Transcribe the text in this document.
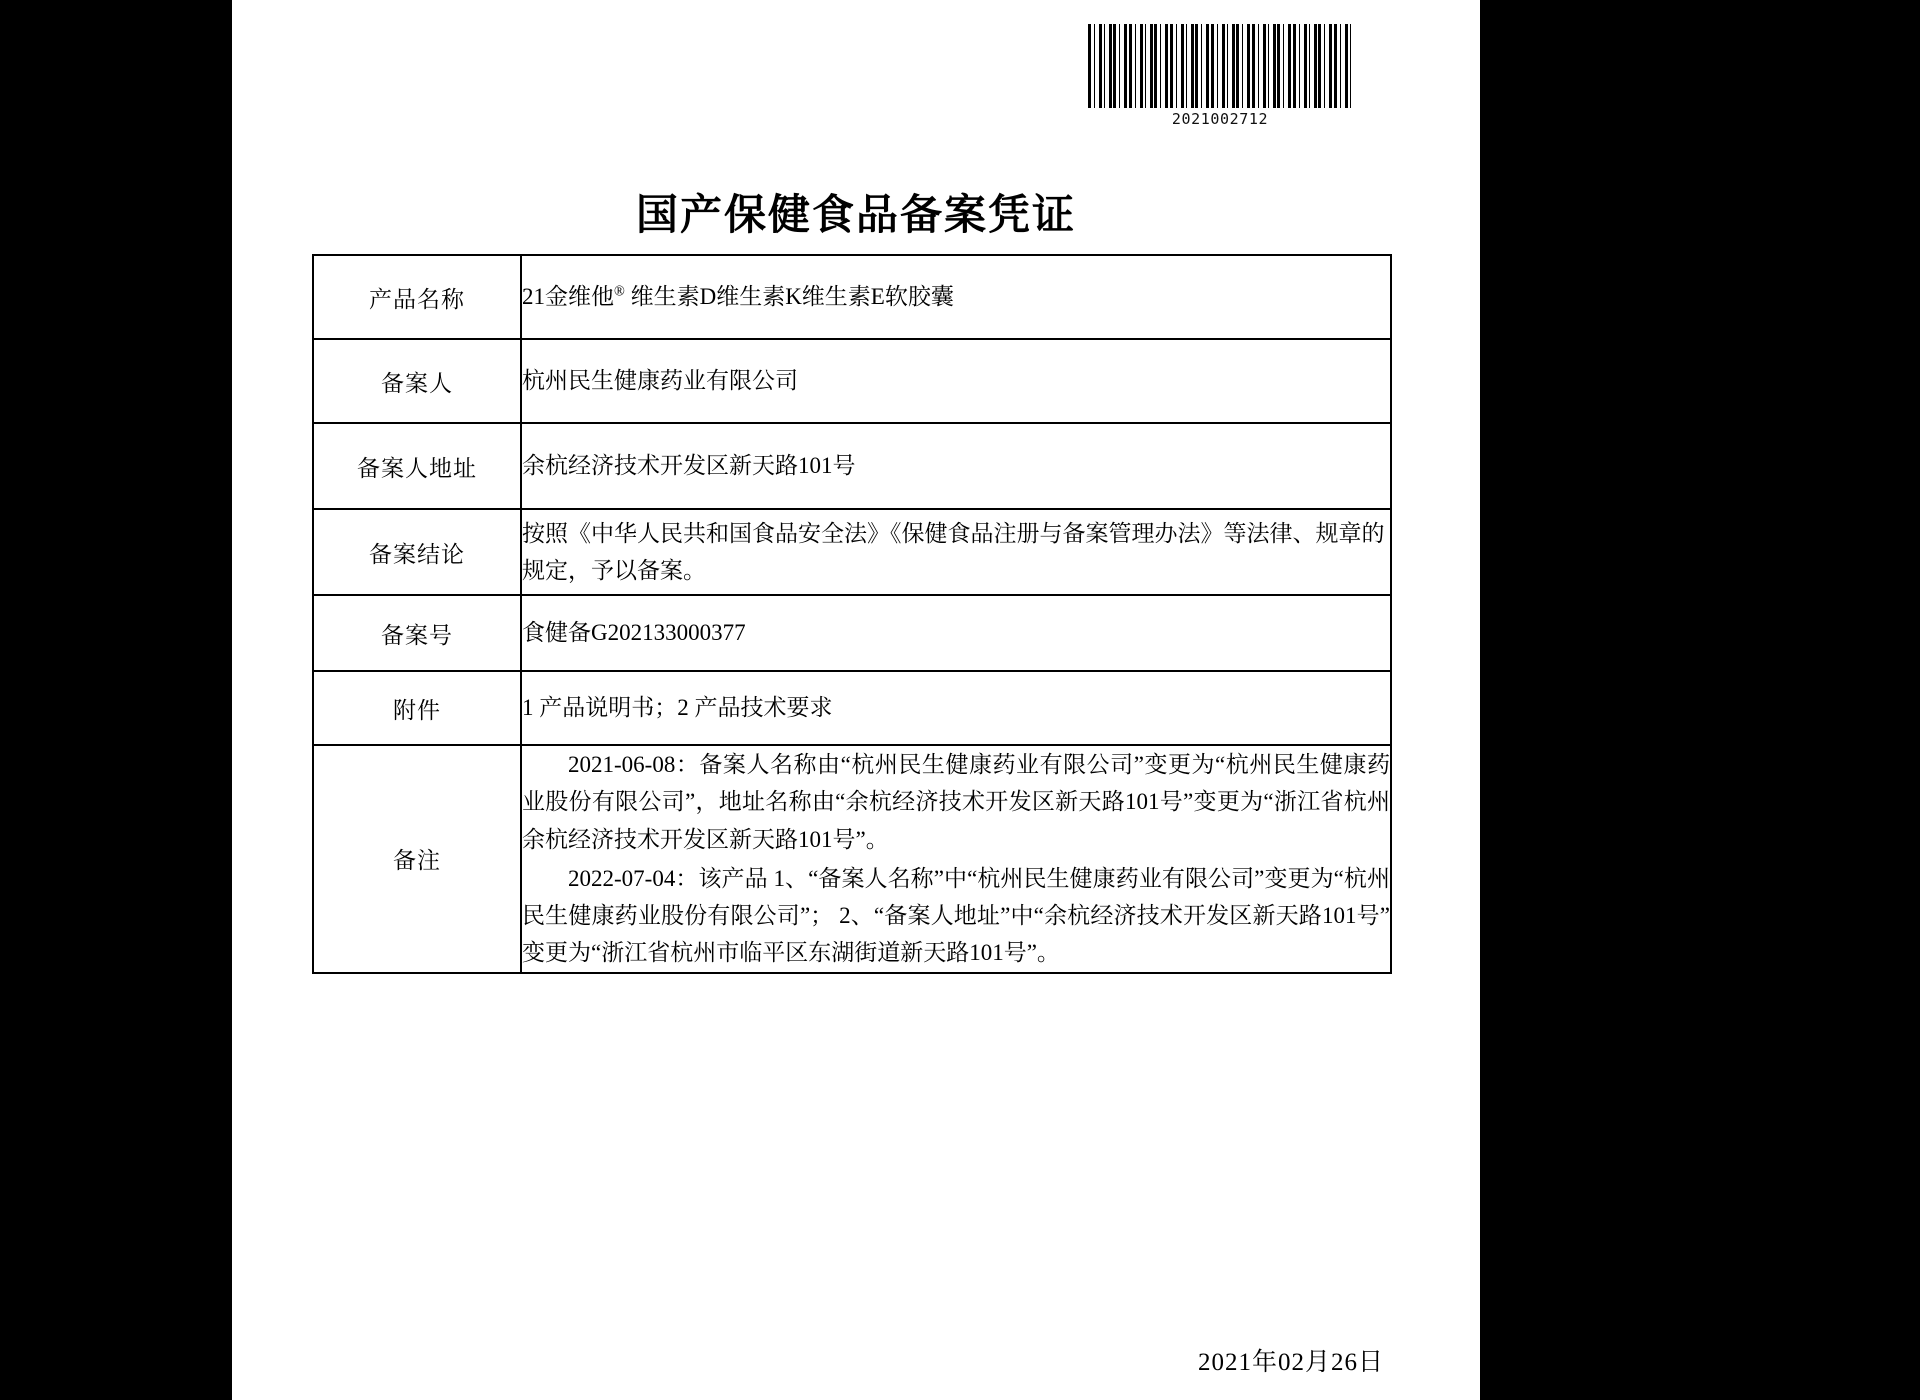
2021002712
国产保健食品备案凭证
产品名称	21金维他® 维生素D维生素K维生素E软胶囊
备案人	杭州民生健康药业有限公司
备案人地址	余杭经济技术开发区新天路101号
备案结论	按照《中华人民共和国食品安全法》《保健食品注册与备案管理办法》等法律、规章的规定，予以备案。
备案号	食健备G202133000377
附件	1 产品说明书；2 产品技术要求
备注	2021-06-08：备案人名称由“杭州民生健康药业有限公司”变更为“杭州民生健康药业股份有限公司”，地址名称由“余杭经济技术开发区新天路101号”变更为“浙江省杭州余杭经济技术开发区新天路101号”。

2022-07-04：该产品 1、“备案人名称”中“杭州民生健康药业有限公司”变更为“杭州民生健康药业股份有限公司”； 2、“备案人地址”中“余杭经济技术开发区新天路101号”变更为“浙江省杭州市临平区东湖街道新天路101号”。

2021年02月26日
